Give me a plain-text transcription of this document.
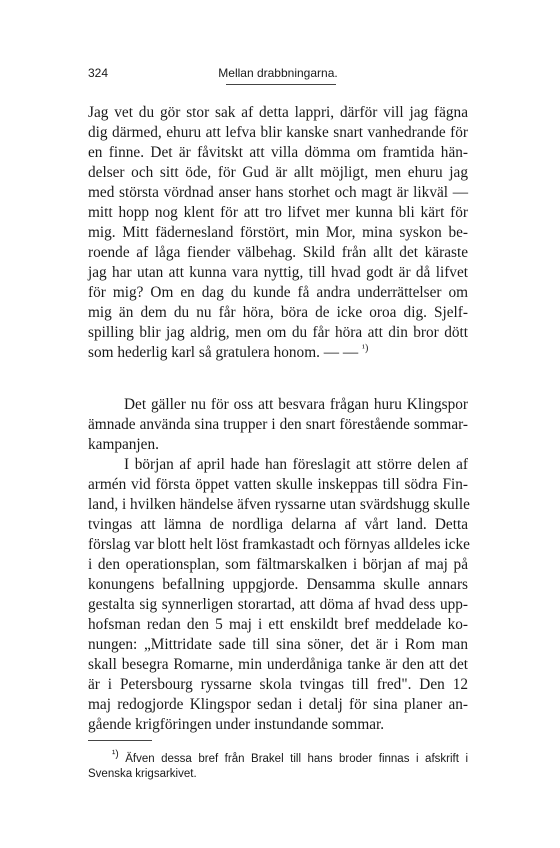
324	Mellan drabbningarna.

Jag vet du gör stor sak af detta lappri, därför vill jag fägna

dig därmed, ehuru att lefva blir kanske snart vanhedrande för

en finne. Det är fåvitskt att villa dömma om framtida hän-

delser och sitt öde, för Gud är allt möjligt, men ehuru jag

med största vördnad anser hans storhet och magt är likväl —

mitt hopp nog klent för att tro lifvet mer kunna bli kärt för

mig. Mitt fädernesland förstört, min Mor, mina syskon be-

roende af låga fiender välbehag. Skild från allt det käraste

jag har utan att kunna vara nyttig, till hvad godt är då lifvet

för mig? Om en dag du kunde få andra underrättelser om

mig än dem du nu får höra, böra de icke oroa dig. Sjelf-

spilling blir jag aldrig, men om du får höra att din bror dött

som hederlig karl så gratulera honom. — — $^{^1)}$

Det gäller nu för oss att besvara frågan huru Klingspor

ämnade använda sina trupper i den snart förestående sommar-

kampanjen.

I början af april hade han föreslagit att större delen af

armén vid första öppet vatten skulle inskeppas till södra Fin-

land, i hvilken händelse äfven ryssarne utan svärdshugg skulle

tvingas att lämna de nordliga delarna af vårt land. Detta

förslag var blott helt löst framkastadt och förnyas alldeles icke

i den operationsplan, som fältmarskalken i början af maj på

konungens befallning uppgjorde. Densamma skulle annars

gestalta sig synnerligen storartad, att döma af hvad dess upp-

hofsman redan den 5 maj i ett enskildt bref meddelade ko-

nungen: „Mittridate sade till sina söner, det är i Rom man

skall besegra Romarne, min underdåniga tanke är den att det

är i Petersbourg ryssarne skola tvingas till fred". Den 12

maj redogjorde Klingspor sedan i detalj för sina planer an-

gående krigföringen under instundande sommar.

¹) Äfven dessa bref från Brakel till hans broder finnas i afskrift i

Svenska krigsarkivet.
